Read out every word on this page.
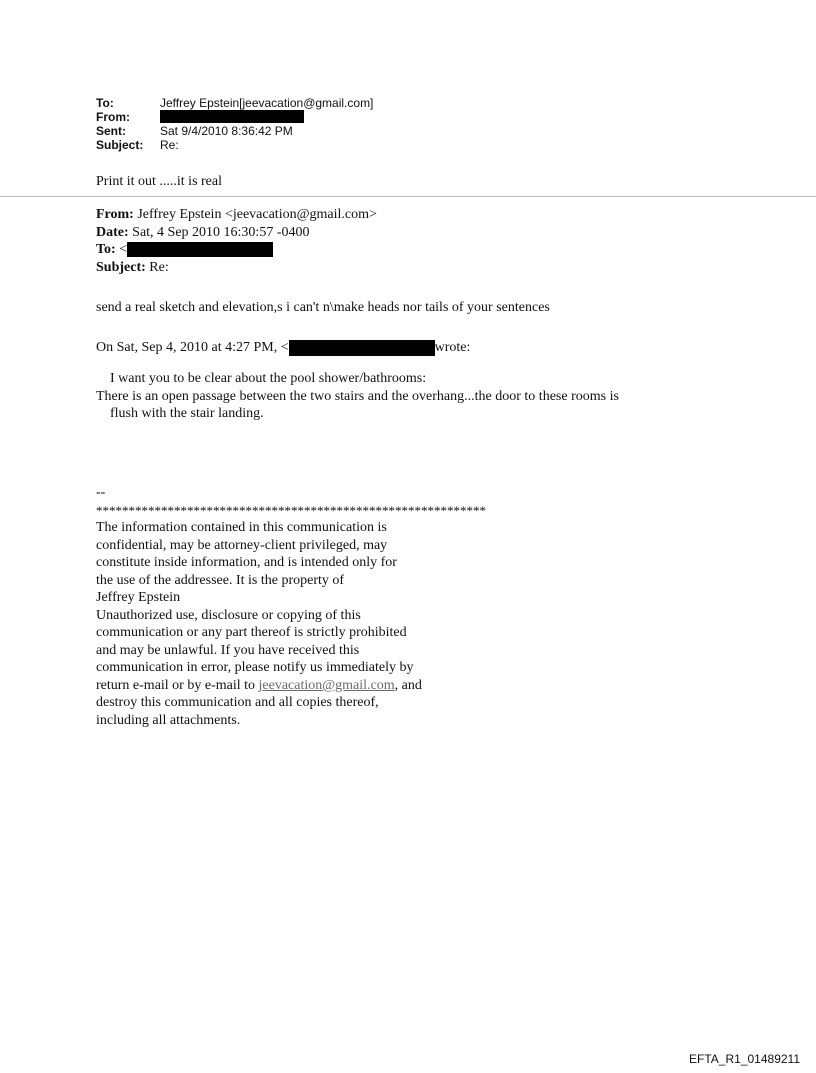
To:	Jeffrey Epstein[jeevacation@gmail.com]
From:
Sent:	Sat 9/4/2010 8:36:42 PM
Subject:	Re:
Print it out .....it is real
From: Jeffrey Epstein <jeevacation@gmail.com>
Date: Sat, 4 Sep 2010 16:30:57 -0400
To: <
Subject: Re:
send a real sketch and elevation,s i can't n\make heads nor tails of your sentences
On Sat, Sep 4, 2010 at 4:27 PM, <	wrote:
I want you to be clear about the pool shower/bathrooms:
There is an open passage between the two stairs and the overhang...the door to these rooms is
flush with the stair landing.
--
************************************************************
The information contained in this communication is
confidential, may be attorney-client privileged, may
constitute inside information, and is intended only for
the use of the addressee. It is the property of
Jeffrey Epstein
Unauthorized use, disclosure or copying of this
communication or any part thereof is strictly prohibited
and may be unlawful. If you have received this
communication in error, please notify us immediately by
return e-mail or by e-mail to jeevacation@gmail.com, and
destroy this communication and all copies thereof,
including all attachments.
EFTA_R1_01489211
